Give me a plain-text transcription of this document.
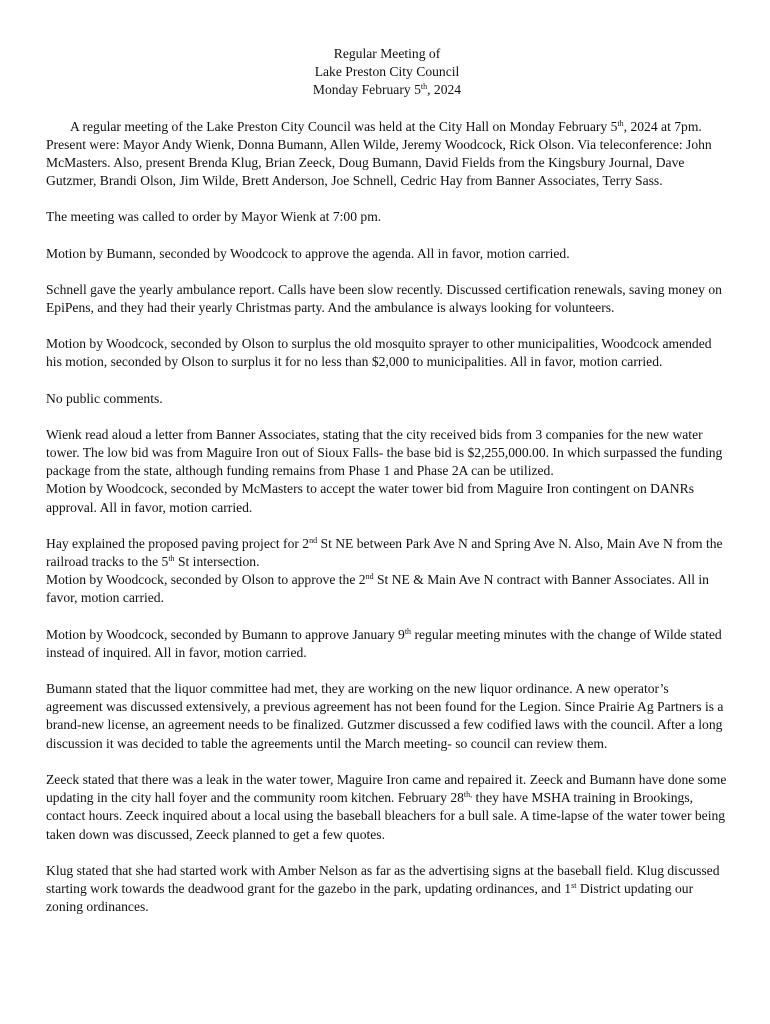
Regular Meeting of
Lake Preston City Council
Monday February 5th, 2024

A regular meeting of the Lake Preston City Council was held at the City Hall on Monday February 5th, 2024 at 7pm. Present were: Mayor Andy Wienk, Donna Bumann, Allen Wilde, Jeremy Woodcock, Rick Olson. Via teleconference: John McMasters. Also, present Brenda Klug, Brian Zeeck, Doug Bumann, David Fields from the Kingsbury Journal, Dave Gutzmer, Brandi Olson, Jim Wilde, Brett Anderson, Joe Schnell, Cedric Hay from Banner Associates, Terry Sass.

The meeting was called to order by Mayor Wienk at 7:00 pm.

Motion by Bumann, seconded by Woodcock to approve the agenda. All in favor, motion carried.

Schnell gave the yearly ambulance report. Calls have been slow recently. Discussed certification renewals, saving money on EpiPens, and they had their yearly Christmas party. And the ambulance is always looking for volunteers.

Motion by Woodcock, seconded by Olson to surplus the old mosquito sprayer to other municipalities, Woodcock amended his motion, seconded by Olson to surplus it for no less than $2,000 to municipalities. All in favor, motion carried.

No public comments.

Wienk read aloud a letter from Banner Associates, stating that the city received bids from 3 companies for the new water tower. The low bid was from Maguire Iron out of Sioux Falls- the base bid is $2,255,000.00. In which surpassed the funding package from the state, although funding remains from Phase 1 and Phase 2A can be utilized.
Motion by Woodcock, seconded by McMasters to accept the water tower bid from Maguire Iron contingent on DANRs approval. All in favor, motion carried.

Hay explained the proposed paving project for 2nd St NE between Park Ave N and Spring Ave N. Also, Main Ave N from the railroad tracks to the 5th St intersection.
Motion by Woodcock, seconded by Olson to approve the 2nd St NE & Main Ave N contract with Banner Associates. All in favor, motion carried.

Motion by Woodcock, seconded by Bumann to approve January 9th regular meeting minutes with the change of Wilde stated instead of inquired. All in favor, motion carried.

Bumann stated that the liquor committee had met, they are working on the new liquor ordinance. A new operator’s agreement was discussed extensively, a previous agreement has not been found for the Legion. Since Prairie Ag Partners is a brand-new license, an agreement needs to be finalized. Gutzmer discussed a few codified laws with the council. After a long discussion it was decided to table the agreements until the March meeting- so council can review them.

Zeeck stated that there was a leak in the water tower, Maguire Iron came and repaired it. Zeeck and Bumann have done some updating in the city hall foyer and the community room kitchen. February $28^{th,}$ they have MSHA training in Brookings, contact hours. Zeeck inquired about a local using the baseball bleachers for a bull sale. A time-lapse of the water tower being taken down was discussed, Zeeck planned to get a few quotes.

Klug stated that she had started work with Amber Nelson as far as the advertising signs at the baseball field. Klug discussed starting work towards the deadwood grant for the gazebo in the park, updating ordinances, and 1st District updating our zoning ordinances.
